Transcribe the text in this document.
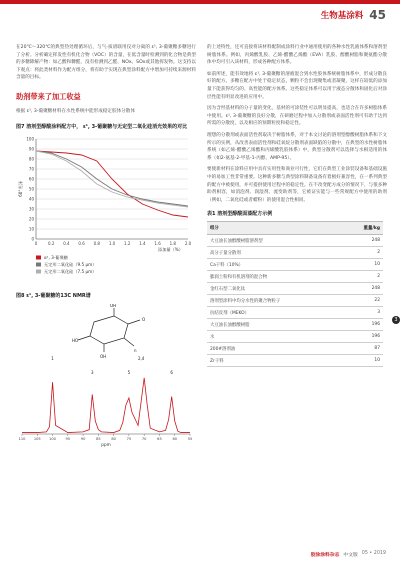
生物基涂料 45

在20℃～320℃的典型热处理循环后，与气-质谱联用仪对分离的 ε¹, 3-葡聚糖多糖进行了分析。分析确定挥发性有机化合物（VOC）的含量，在低含量时检测到的化合物是典型的多糖降解产物：如乙酸和糠醛，没有检测到乙醛、NOx、SOx或其他挥发物。这支持以下观点：将此类材料作为配方组分，将有助于实现在典型涂料配方中增加可持续来源材料含量的目标。

助剂带来了加工收益

根据 ε¹, 3-葡聚糖材料在水性系统中能形成稳定胶体分散体

图7 溶剂型醇酸涂料配方中， ε¹, 3-葡聚糖与无定型二氧化硅消光效果的对比
0
10
20
30
40
50
60
70
80
90
100
0	0.2 0.4 0.6 0.8 1.0 1.2 1.4 1.6 1.8 2.0
添加量（%）
60°光泽
α¹, 3-葡聚糖
无定形二氧化硅（9.5 μm）
无定形二氧化硅（7.5 μm）
图8 ε¹, 3-葡聚糖的13C NMR谱
HO
OH
OH
O
n
110 105 100	95	90	85	80	75	70	65	60	55
ppm
1
3	5
2,4
6

的上述特性，还可直接将该材料配制成涂料行业中通用使用的各种水性乳液体系和溶剂型树脂体系。例如，丙烯酸乳胶、乙烯-醋酸乙烯酯（EVA）乳胶、醇酸树脂和聚氨酯分散体中均可引入该材料，形成各种配方体系。

如前所述，能有效地将 ε¹, 3-葡聚糖的溶液混合到水性胶体系统树脂体系中，形成分散良好的配方。多糖在配方中处于稳定状态，颗粒不会出现聚集或者凝聚，这样在较低的添加量下能获得均匀的、高性能的配方体系。这些稳定体系可以用于液态分散体和固化后对涂层性能有明显改进的应用中。

因为含羟基材料的分子量的变化，基材的可涂装性可以明显提高，也适合在许多树脂体系中使用。ε¹, 3-葡聚糖的良好分散，在研磨过程中加入分散剂或表面活性剂可有助于达到所需的分散度，以及相应的预期粒度和稳定性。

理想的分散剂或表面活性剂取决于树脂体系，对于本文讨论的溶剂型醇酸树脂体系和下文所示的实例，从改善表面活性剂和硅氧烷分散剂表面缺陷的分散中，在典型的水性树脂体系统（如乙烯-醋酸乙烯酯和丙烯酸乳胶体系）中，典型分散剂可以选择与水相适用的体系（如2-氨基-2-甲基-1-丙醇，AMP-95）。

要使新材料在涂料应用中具有实用性和商业可行性，它们在典型工业涂装设备和基础设施中的易加工性非常重要。这种新多糖与典型涂料制备设备有着极好兼容性，在一系列典型的配方中被使用，并可提供使用过程中的稳定性。在不改变配方成分的情况下，与很多种助剂相容，如消泡剂、润湿剂、流变助剂等，它被证实能与一些常规配方中使用的助剂（例如，二氧化硅或者蜡粉）的使用混合性相同。

表1 溶剂型醇酸面漆配方示例
组分	重量/kg
大豆油长油醇酸树脂溶剂型	248
高分子量分散剂	2
Ca干料（10%）	10
膨润土粉和有机溶剂的混合物	2
金红石型二氧化钛	248
溶剂型涂料中均分水性的聚合物粒子	22
抗结皮剂（MEKO）	3
大豆油长油醇酸树脂	196
水	196
200#溶剂油	87
Zr干料	10
3
胶涂涂料杂志 中文版 05 • 2019
